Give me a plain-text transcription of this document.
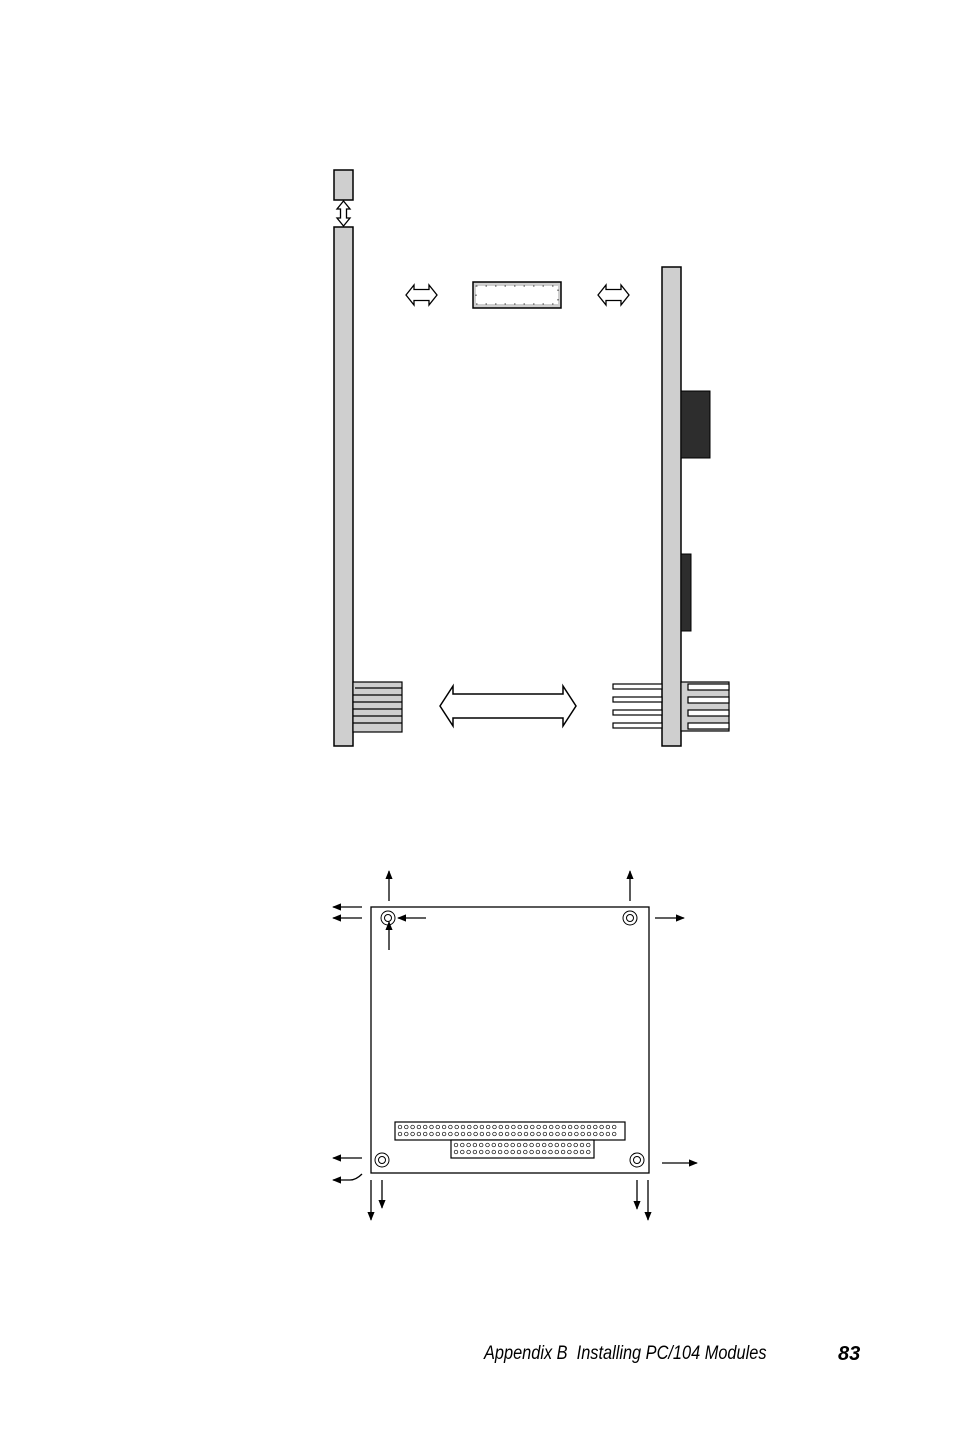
Appendix B  Installing PC/104 Modules	83
